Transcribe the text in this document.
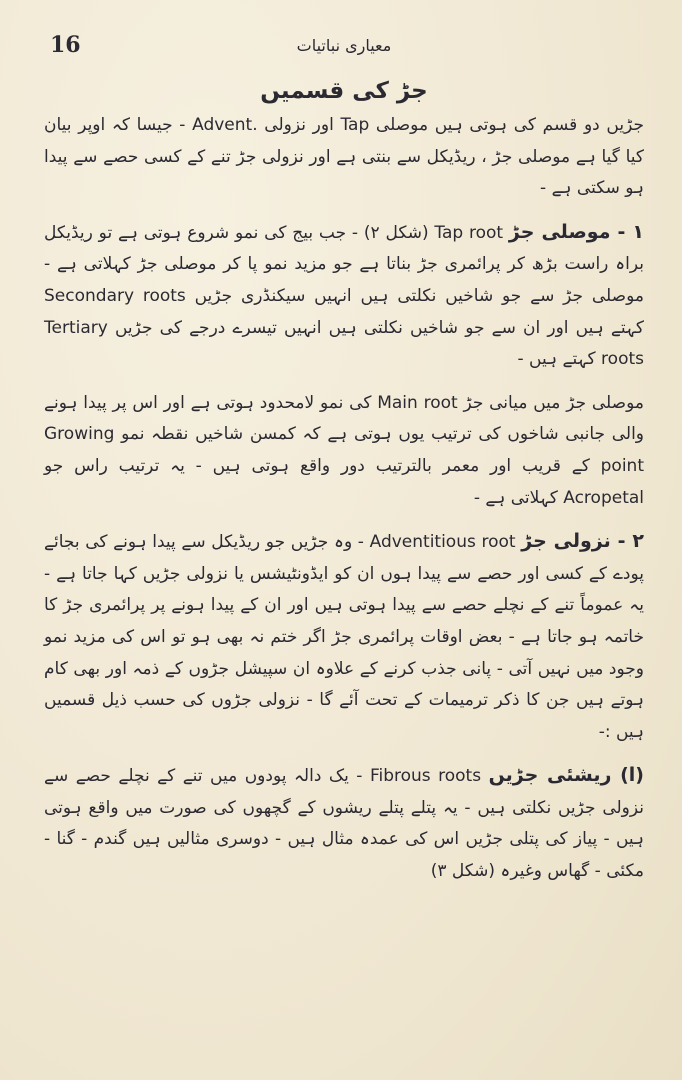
16	معیاری نباتیات
جڑ کی قسمیں

جڑیں دو قسم کی ہوتی ہیں موصلی Tap اور نزولی .Advent - جیسا کہ اوپر بیان کیا گیا ہے موصلی جڑ ، ریڈیکل سے بنتی ہے اور نزولی جڑ تنے کے کسی حصے سے پیدا ہو سکتی ہے -

١ - موصلی جڑ Tap root (شکل ۲) - جب بیج کی نمو شروع ہوتی ہے تو ریڈیکل براہ راست بڑھ کر پرائمری جڑ بناتا ہے جو مزید نمو پا کر موصلی جڑ کہلاتی ہے - موصلی جڑ سے جو شاخیں نکلتی ہیں انہیں سیکنڈری جڑیں Secondary roots کہتے ہیں اور ان سے جو شاخیں نکلتی ہیں انہیں تیسرے درجے کی جڑیں Tertiary roots کہتے ہیں -

موصلی جڑ میں میانی جڑ Main root کی نمو لامحدود ہوتی ہے اور اس پر پیدا ہونے والی جانبی شاخوں کی ترتیب یوں ہوتی ہے کہ کمسن شاخیں نقطہ نمو Growing point کے قریب اور معمر بالترتیب دور واقع ہوتی ہیں - یہ ترتیب راس جو Acropetal کہلاتی ہے -

٢ - نزولی جڑ Adventitious root - وہ جڑیں جو ریڈیکل سے پیدا ہونے کی بجائے پودے کے کسی اور حصے سے پیدا ہوں ان کو ایڈونٹیشس یا نزولی جڑیں کہا جاتا ہے - یہ عموماً تنے کے نچلے حصے سے پیدا ہوتی ہیں اور ان کے پیدا ہونے پر پرائمری جڑ کا خاتمہ ہو جاتا ہے - بعض اوقات پرائمری جڑ اگر ختم نہ بھی ہو تو اس کی مزید نمو وجود میں نہیں آتی - پانی جذب کرنے کے علاوہ ان سپیشل جڑوں کے ذمہ اور بھی کام ہوتے ہیں جن کا ذکر ترمیمات کے تحت آئے گا - نزولی جڑوں کی حسب ذیل قسمیں ہیں :-

(ا) ریشئی جڑیں Fibrous roots - یک دالہ پودوں میں تنے کے نچلے حصے سے نزولی جڑیں نکلتی ہیں - یہ پتلے پتلے ریشوں کے گچھوں کی صورت میں واقع ہوتی ہیں - پیاز کی پتلی جڑیں اس کی عمدہ مثال ہیں - دوسری مثالیں ہیں گندم - گنا - مکئی - گھاس وغیرہ (شکل ۳)
